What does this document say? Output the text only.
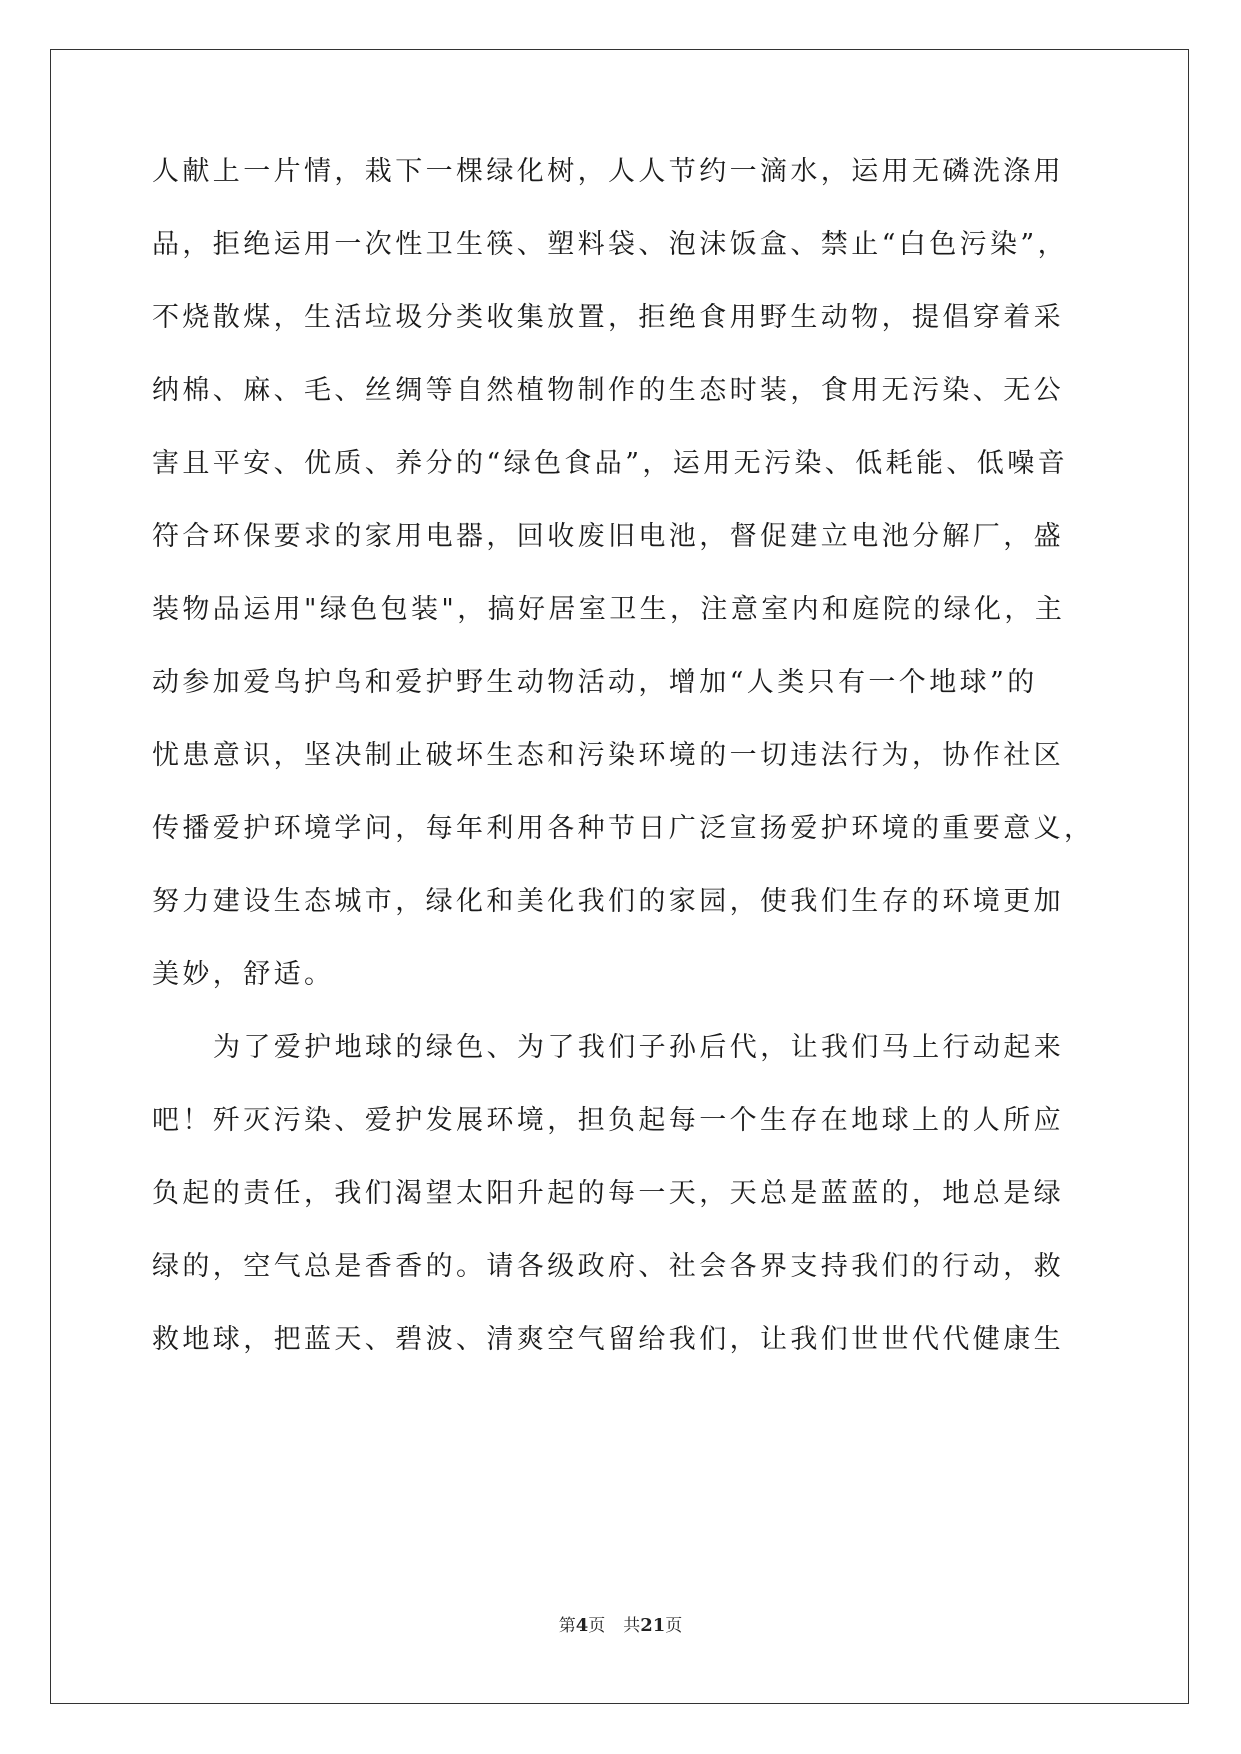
人献上一片情，栽下一棵绿化树，人人节约一滴水，运用无磷洗涤用
品，拒绝运用一次性卫生筷、塑料袋、泡沫饭盒、禁止“白色污染”，
不烧散煤，生活垃圾分类收集放置，拒绝食用野生动物，提倡穿着采
纳棉、麻、毛、丝绸等自然植物制作的生态时装，食用无污染、无公
害且平安、优质、养分的“绿色食品”，运用无污染、低耗能、低噪音
符合环保要求的家用电器，回收废旧电池，督促建立电池分解厂，盛
装物品运用"绿色包装"，搞好居室卫生，注意室内和庭院的绿化，主
动参加爱鸟护鸟和爱护野生动物活动，增加“人类只有一个地球”的
忧患意识，坚决制止破坏生态和污染环境的一切违法行为，协作社区
传播爱护环境学问，每年利用各种节日广泛宣扬爱护环境的重要意义，
努力建设生态城市，绿化和美化我们的家园，使我们生存的环境更加
美妙，舒适。
为了爱护地球的绿色、为了我们子孙后代，让我们马上行动起来
吧！歼灭污染、爱护发展环境，担负起每一个生存在地球上的人所应
负起的责任，我们渴望太阳升起的每一天，天总是蓝蓝的，地总是绿
绿的，空气总是香香的。请各级政府、社会各界支持我们的行动，救
救地球，把蓝天、碧波、清爽空气留给我们，让我们世世代代健康生
第4页 共21页
